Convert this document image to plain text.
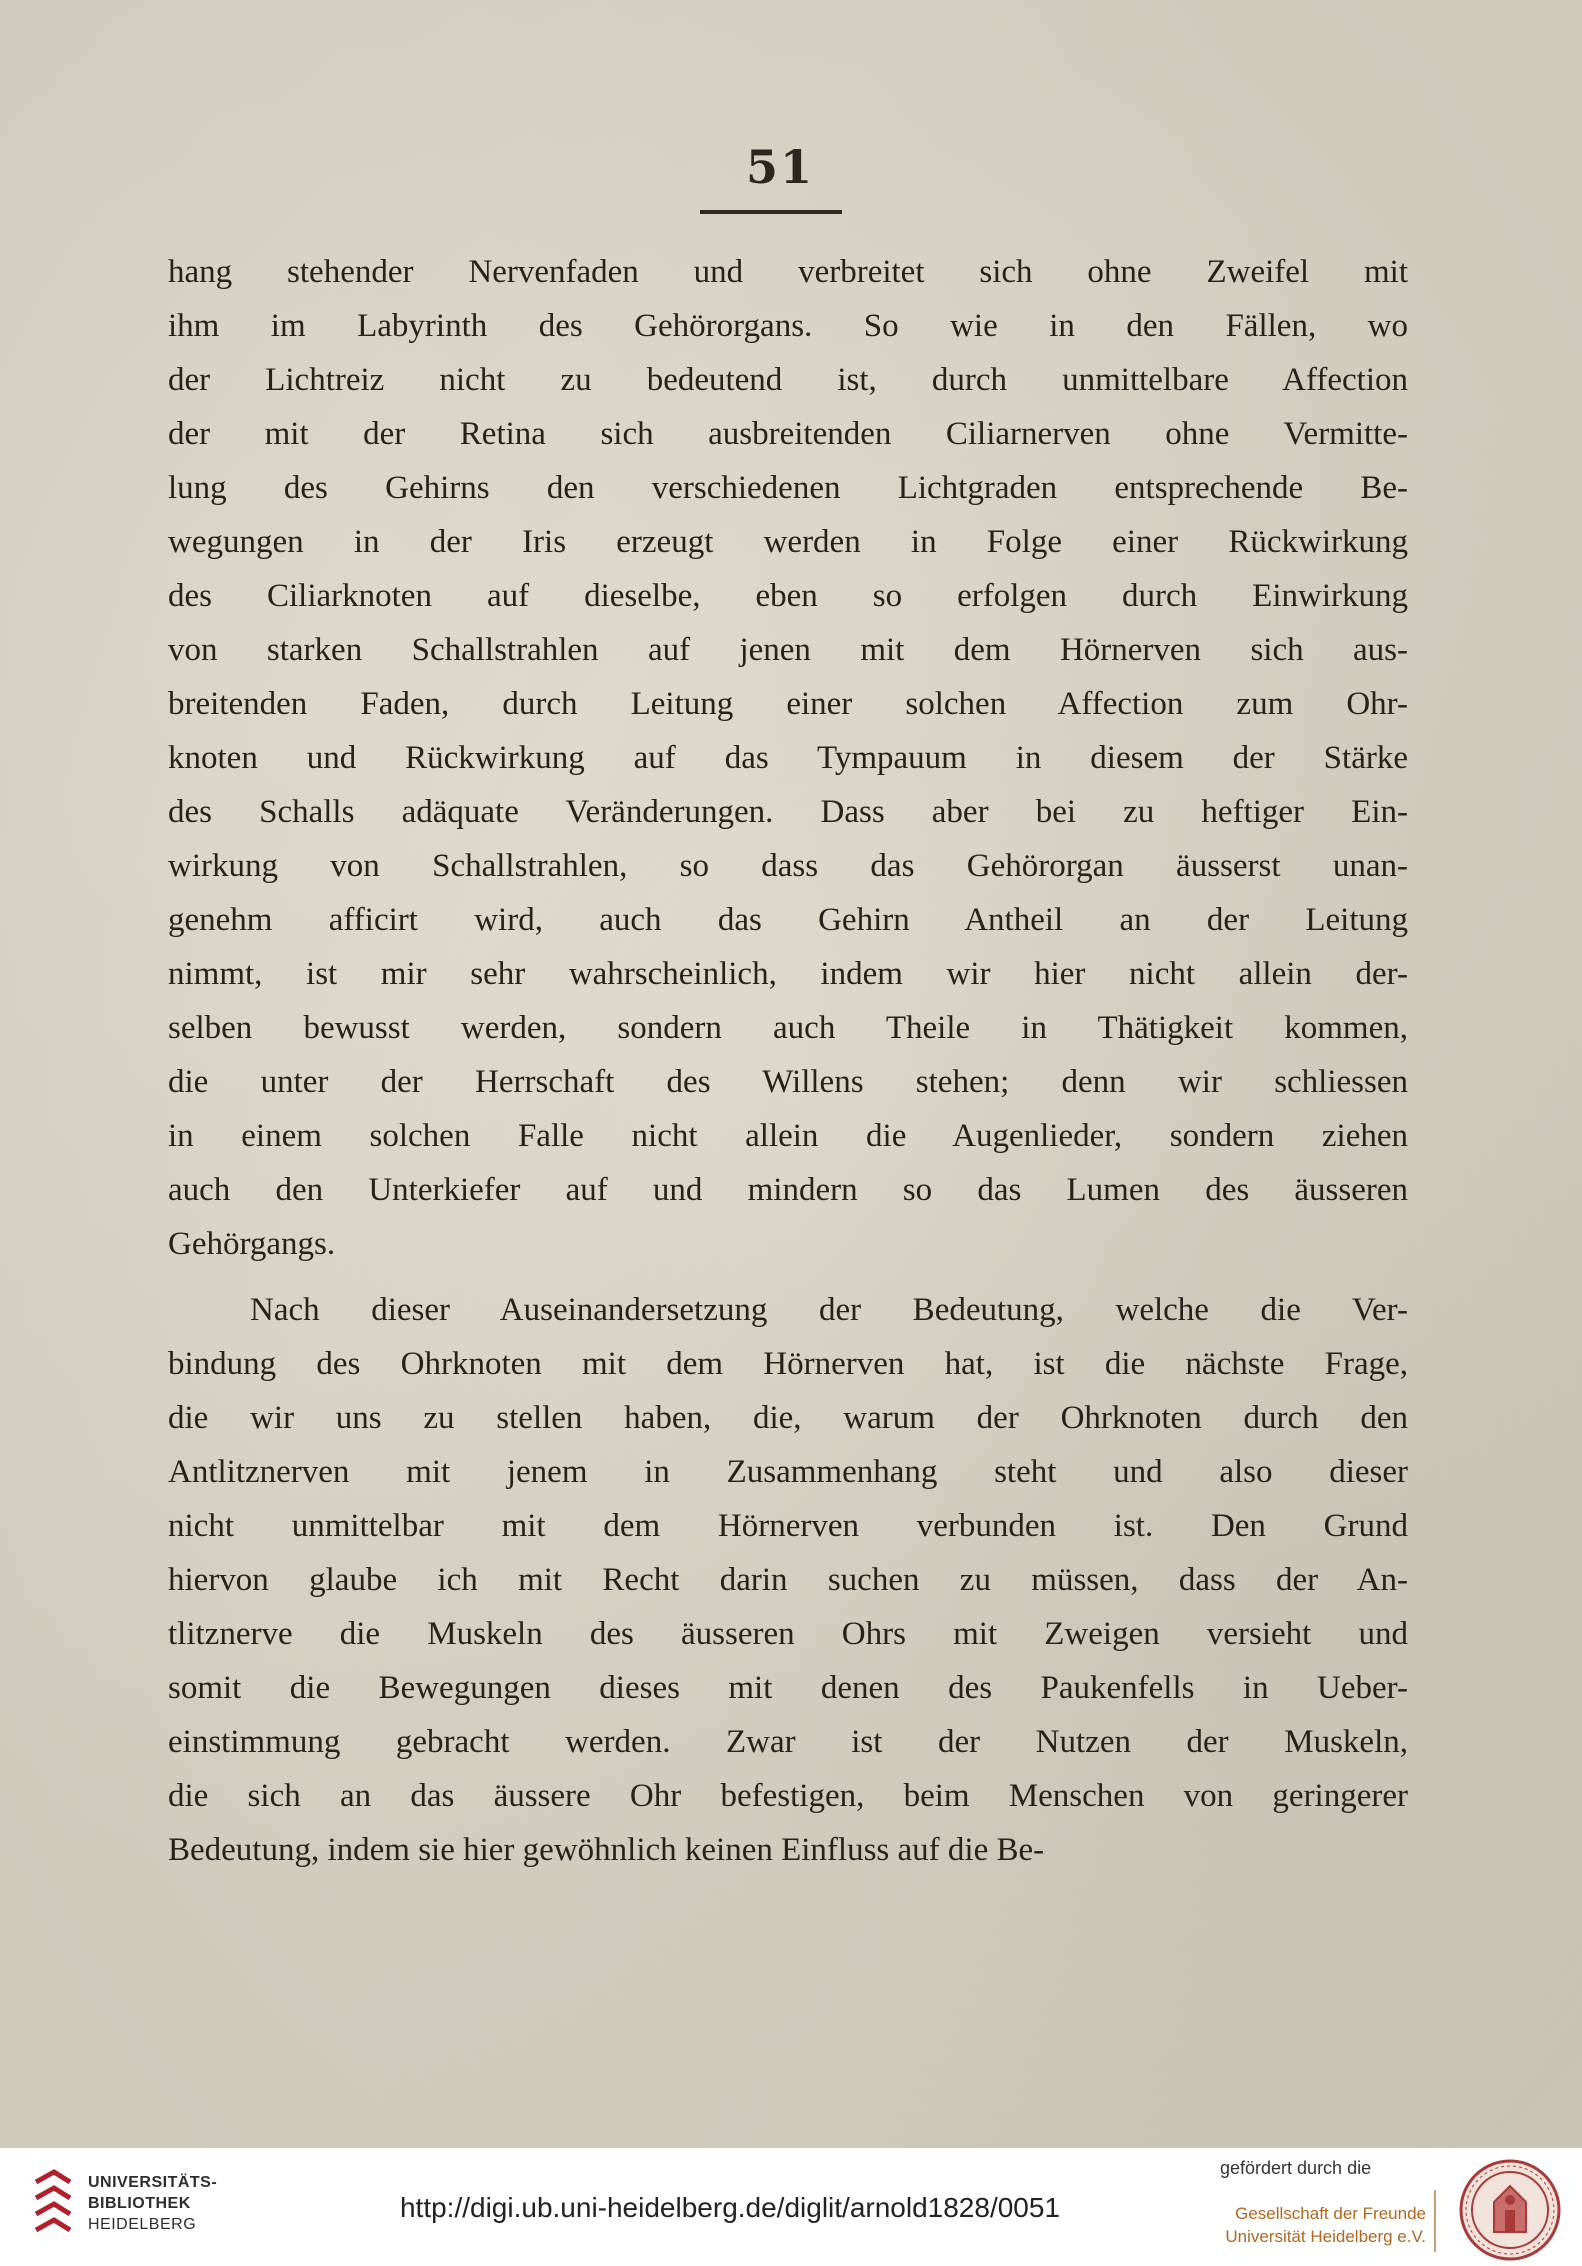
51
hang stehender Nervenfaden und verbreitet sich ohne Zweifel mit
ihm im Labyrinth des Gehörorgans. So wie in den Fällen, wo
der Lichtreiz nicht zu bedeutend ist, durch unmittelbare Affection
der mit der Retina sich ausbreitenden Ciliarnerven ohne Vermitte-
lung des Gehirns den verschiedenen Lichtgraden entsprechende Be-
wegungen in der Iris erzeugt werden in Folge einer Rückwirkung
des Ciliarknoten auf dieselbe, eben so erfolgen durch Einwirkung
von starken Schallstrahlen auf jenen mit dem Hörnerven sich aus-
breitenden Faden, durch Leitung einer solchen Affection zum Ohr-
knoten und Rückwirkung auf das Tympauum in diesem der Stärke
des Schalls adäquate Veränderungen. Dass aber bei zu heftiger Ein-
wirkung von Schallstrahlen, so dass das Gehörorgan äusserst unan-
genehm afficirt wird, auch das Gehirn Antheil an der Leitung
nimmt, ist mir sehr wahrscheinlich, indem wir hier nicht allein der-
selben bewusst werden, sondern auch Theile in Thätigkeit kommen,
die unter der Herrschaft des Willens stehen; denn wir schliessen
in einem solchen Falle nicht allein die Augenlieder, sondern ziehen
auch den Unterkiefer auf und mindern so das Lumen des äusseren
Gehörgangs.
Nach dieser Auseinandersetzung der Bedeutung, welche die Ver-
bindung des Ohrknoten mit dem Hörnerven hat, ist die nächste Frage,
die wir uns zu stellen haben, die, warum der Ohrknoten durch den
Antlitznerven mit jenem in Zusammenhang steht und also dieser
nicht unmittelbar mit dem Hörnerven verbunden ist. Den Grund
hiervon glaube ich mit Recht darin suchen zu müssen, dass der An-
tlitznerve die Muskeln des äusseren Ohrs mit Zweigen versieht und
somit die Bewegungen dieses mit denen des Paukenfells in Ueber-
einstimmung gebracht werden. Zwar ist der Nutzen der Muskeln,
die sich an das äussere Ohr befestigen, beim Menschen von geringerer
Bedeutung, indem sie hier gewöhnlich keinen Einfluss auf die Be-
UNIVERSITÄTS-
BIBLIOTHEK
HEIDELBERG
http://digi.ub.uni-heidelberg.de/diglit/arnold1828/0051
gefördert durch die
Gesellschaft der Freunde
Universität Heidelberg e.V.
